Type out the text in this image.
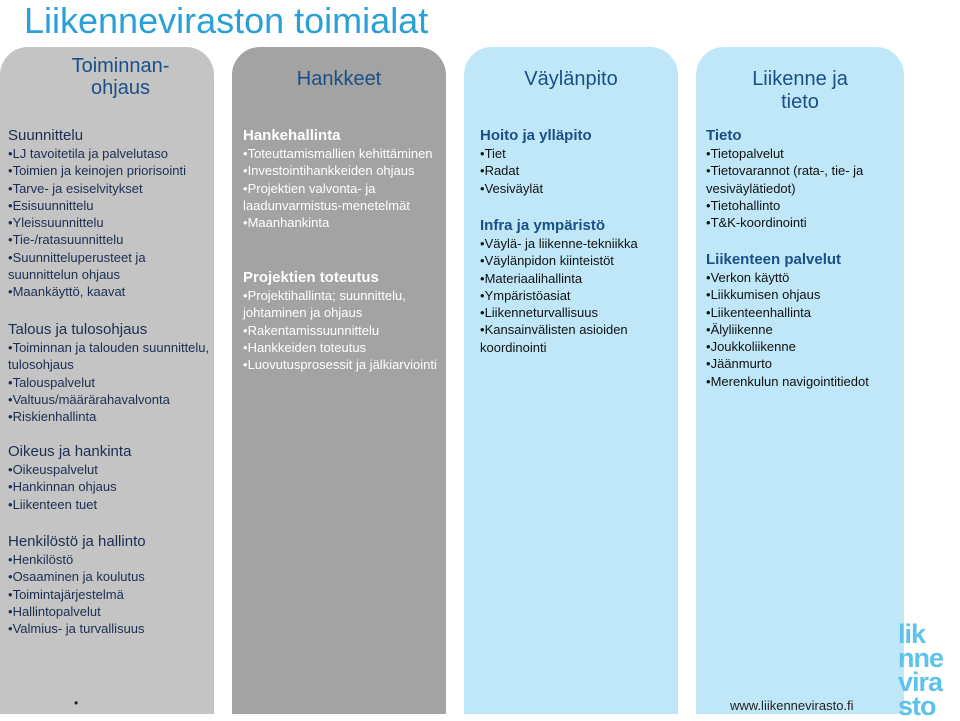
Liikenneviraston toimialat
Toiminnan-
ohjaus	Hankkeet	Väylänpito	Liikenne ja
tieto
Suunnittelu
•LJ tavoitetila ja palvelutaso
•Toimien ja keinojen priorisointi
•Tarve- ja esiselvitykset
•Esisuunnittelu
•Yleissuunnittelu
•Tie-/ratasuunnittelu
•Suunnitteluperusteet ja suunnittelun ohjaus
•Maankäyttö, kaavat
Talous ja tulosohjaus
•Toiminnan ja talouden suunnittelu, tulosohjaus
•Talouspalvelut
•Valtuus/määrärahavalvonta
•Riskienhallinta
Oikeus ja hankinta
•Oikeuspalvelut
•Hankinnan ohjaus
•Liikenteen tuet
Henkilöstö ja hallinto
•Henkilöstö
•Osaaminen ja koulutus
•Toimintajärjestelmä
•Hallintopalvelut
•Valmius- ja turvallisuus
Hankehallinta
•Toteuttamismallien kehittäminen
•Investointihankkeiden ohjaus
•Projektien valvonta- ja laadunvarmistus-menetelmät
•Maanhankinta
Projektien toteutus
•Projektihallinta; suunnittelu, johtaminen ja ohjaus
•Rakentamissuunnittelu
•Hankkeiden toteutus
•Luovutusprosessit ja jälkiarviointi
Hoito ja ylläpito
•Tiet
•Radat
•Vesiväylät
Infra ja ympäristö
•Väylä- ja liikenne-tekniikka
•Väylänpidon kiinteistöt
•Materiaalihallinta
•Ympäristöasiat
•Liikenneturvallisuus
•Kansainvälisten asioiden koordinointi
Tieto
•Tietopalvelut
•Tietovarannot (rata-, tie- ja vesiväylätiedot)
•Tietohallinto
•T&K-koordinointi
Liikenteen palvelut
•Verkon käyttö
•Liikkumisen ohjaus
•Liikenteenhallinta
•Älyliikenne
•Joukkoliikenne
•Jäänmurto
•Merenkulun navigointitiedot
lik
nne
vira
sto
•	www.liikennevirasto.fi
